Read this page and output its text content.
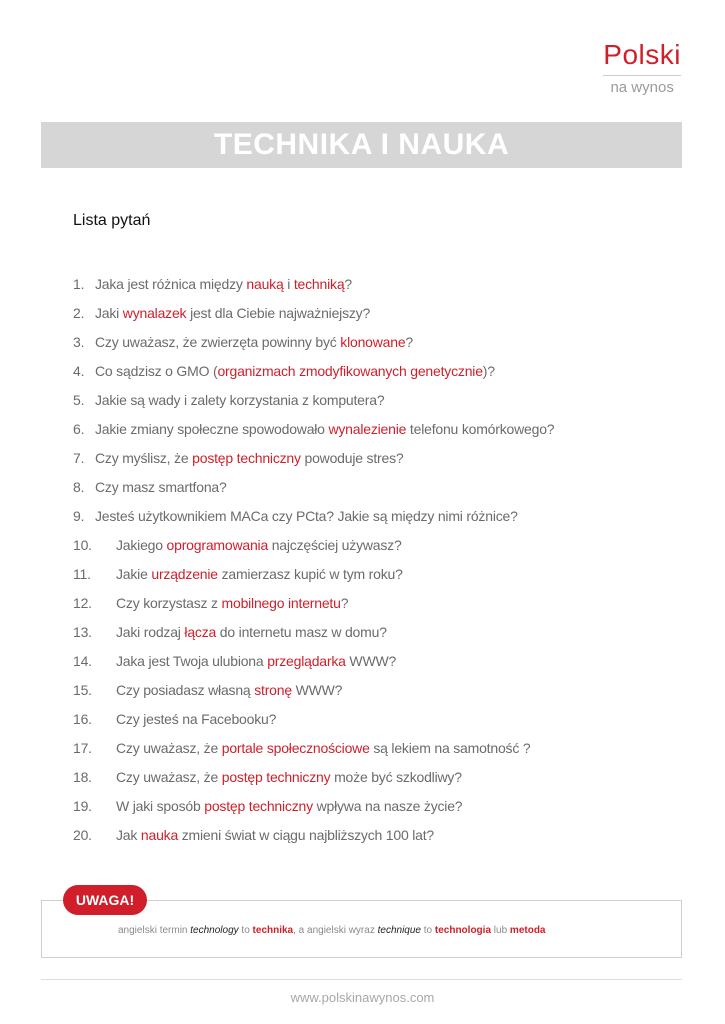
Polski
na wynos
TECHNIKA I NAUKA
Lista pytań
1. Jaka jest różnica między nauką i techniką?
2. Jaki wynalazek jest dla Ciebie najważniejszy?
3. Czy uważasz, że zwierzęta powinny być klonowane?
4. Co sądzisz o GMO (organizmach zmodyfikowanych genetycznie)?
5. Jakie są wady i zalety korzystania z komputera?
6. Jakie zmiany społeczne spowodowało wynalezienie telefonu komórkowego?
7. Czy myślisz, że postęp techniczny powoduje stres?
8. Czy masz smartfona?
9. Jesteś użytkownikiem MACa czy PCta? Jakie są między nimi różnice?
10. Jakiego oprogramowania najczęściej używasz?
11. Jakie urządzenie zamierzasz kupić w tym roku?
12. Czy korzystasz z mobilnego internetu?
13. Jaki rodzaj łącza do internetu masz w domu?
14. Jaka jest Twoja ulubiona przeglądarka WWW?
15. Czy posiadasz własną stronę WWW?
16. Czy jesteś na Facebooku?
17. Czy uważasz, że portale społecznościowe są lekiem na samotność ?
18. Czy uważasz, że postęp techniczny może być szkodliwy?
19. W jaki sposób postęp techniczny wpływa na nasze życie?
20. Jak nauka zmieni świat w ciągu najbliższych 100 lat?
UWAGA!
angielski termin technology to technika, a angielski wyraz technique to technologia lub metoda
www.polskinawynos.com
